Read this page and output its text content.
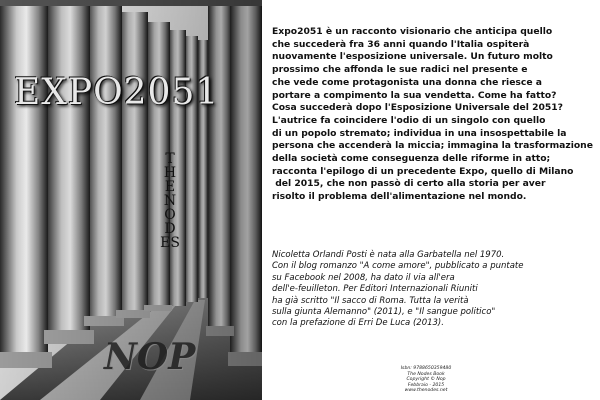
EXPO2051
THE NODES
NOP
Expo2051 è un racconto visionario che anticipa quello
che succederà fra 36 anni quando l'Italia ospiterà
nuovamente l'esposizione universale. Un futuro molto
prossimo che affonda le sue radici nel presente e
che vede come protagonista una donna che riesce a
portare a compimento la sua vendetta. Come ha fatto?
Cosa succederà dopo l'Esposizione Universale del 2051?
L'autrice fa coincidere l'odio di un singolo con quello
di un popolo stremato; individua in una insospettabile la
persona che accenderà la miccia; immagina la trasformazione
della società come conseguenza delle riforme in atto;
racconta l'epilogo di un precedente Expo, quello di Milano
del 2015, che non passò di certo alla storia per aver
risolto il problema dell'alimentazione nel mondo.
Nicoletta Orlandi Posti è nata alla Garbatella nel 1970.
Con il blog romanzo "A come amore", pubblicato a puntate
su Facebook nel 2008, ha dato il via all'era
dell'e-feuilleton. Per Editori Internazionali Riuniti
ha già scritto "Il sacco di Roma. Tutta la verità
sulla giunta Alemanno" (2011), e "Il sangue politico"
con la prefazione di Erri De Luca (2013).
Isbn: 9788650359480
The Nodes Book
Copyright © Nop
Febbraio - 2015
www.thenodes.net
